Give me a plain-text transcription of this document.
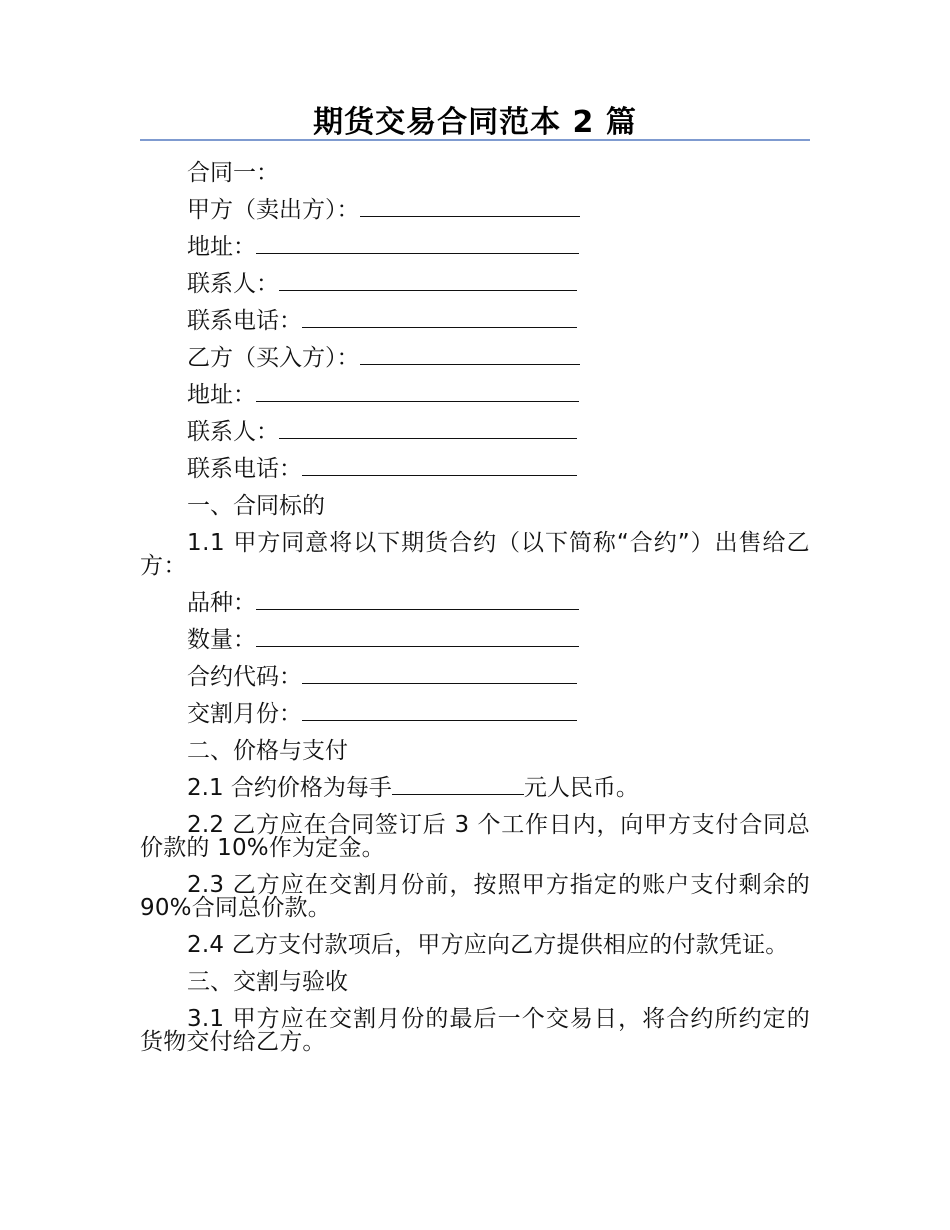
期货交易合同范本 2 篇
合同一：
甲方（卖出方）：
地址：
联系人：
联系电话：
乙方（买入方）：
地址：
联系人：
联系电话：
一、合同标的
1.1 甲方同意将以下期货合约（以下简称“合约”）出售给乙方：
品种：
数量：
合约代码：
交割月份：
二、价格与支付
2.1 合约价格为每手	元人民币。
2.2 乙方应在合同签订后 3 个工作日内，向甲方支付合同总价款的 10%作为定金。
2.3 乙方应在交割月份前，按照甲方指定的账户支付剩余的 90%合同总价款。
2.4 乙方支付款项后，甲方应向乙方提供相应的付款凭证。
三、交割与验收
3.1 甲方应在交割月份的最后一个交易日，将合约所约定的货物交付给乙方。
